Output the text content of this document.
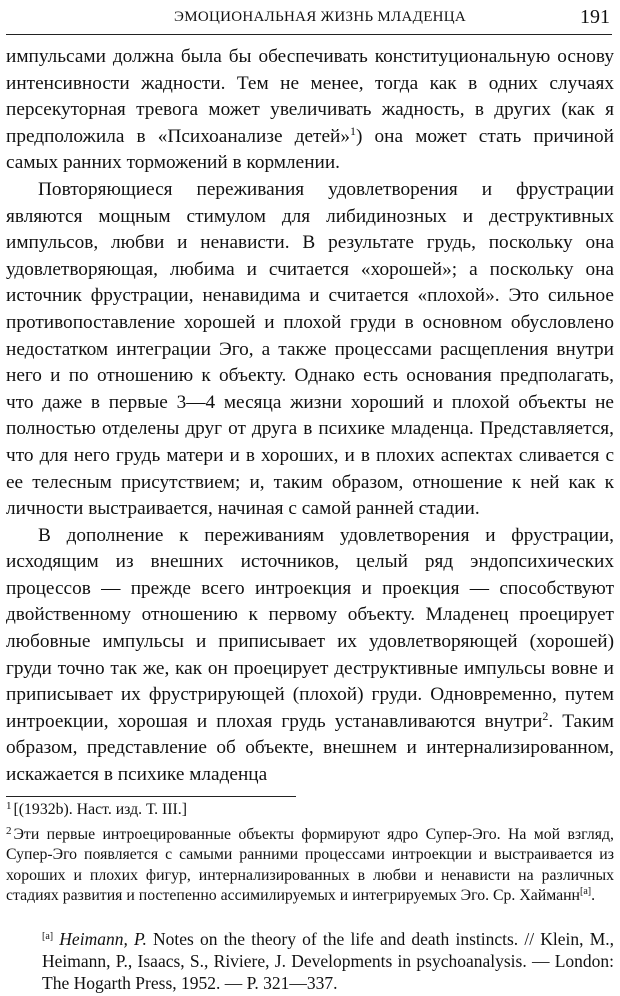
ЭМОЦИОНАЛЬНАЯ ЖИЗНЬ МЛАДЕНЦА	191

импульсами должна была бы обеспечивать конституциональную основу интенсивности жадности. Тем не менее, тогда как в одних случаях персекуторная тревога может увеличивать жадность, в других (как я предположила в «Психоанализе детей»$^1$) она может стать причиной самых ранних торможений в кормлении.

Повторяющиеся переживания удовлетворения и фрустрации являются мощным стимулом для либидинозных и деструктивных импульсов, любви и ненависти. В результате грудь, поскольку она удовлетворяющая, любима и считается «хорошей»; а поскольку она источник фрустрации, ненавидима и считается «плохой». Это сильное противопоставление хорошей и плохой груди в основном обусловлено недостатком интеграции Эго, а также процессами расщепления внутри него и по отношению к объекту. Однако есть основания предполагать, что даже в первые 3—4 месяца жизни хороший и плохой объекты не полностью отделены друг от друга в психике младенца. Представляется, что для него грудь матери и в хороших, и в плохих аспектах сливается с ее телесным присутствием; и, таким образом, отношение к ней как к личности выстраивается, начиная с самой ранней стадии.

В дополнение к переживаниям удовлетворения и фрустрации, исходящим из внешних источников, целый ряд эндопсихических процессов — прежде всего интроекция и проекция — способствуют двойственному отношению к первому объекту. Младенец проецирует любовные импульсы и приписывает их удовлетворяющей (хорошей) груди точно так же, как он проецирует деструктивные импульсы вовне и приписывает их фрустрирующей (плохой) груди. Одновременно, путем интроекции, хорошая и плохая грудь устанавливаются внутри$^2$. Таким образом, представление об объекте, внешнем и интернализированном, искажается в психике младенца

$^1$ [(1932b). Наст. изд. Т. III.]

$^2$ Эти первые интроецированные объекты формируют ядро Супер-Эго. На мой взгляд, Супер-Эго появляется с самыми ранними процессами интроекции и выстраивается из хороших и плохих фигур, интернализированных в любви и ненависти на различных стадиях развития и постепенно ассимилируемых и интегрируемых Эго. Ср. Хайманн[a].

[a] Heimann, P. Notes on the theory of the life and death instincts. // Klein, M., Heimann, P., Isaacs, S., Riviere, J. Developments in psychoanalysis. — London: The Hogarth Press, 1952. — P. 321—337.
